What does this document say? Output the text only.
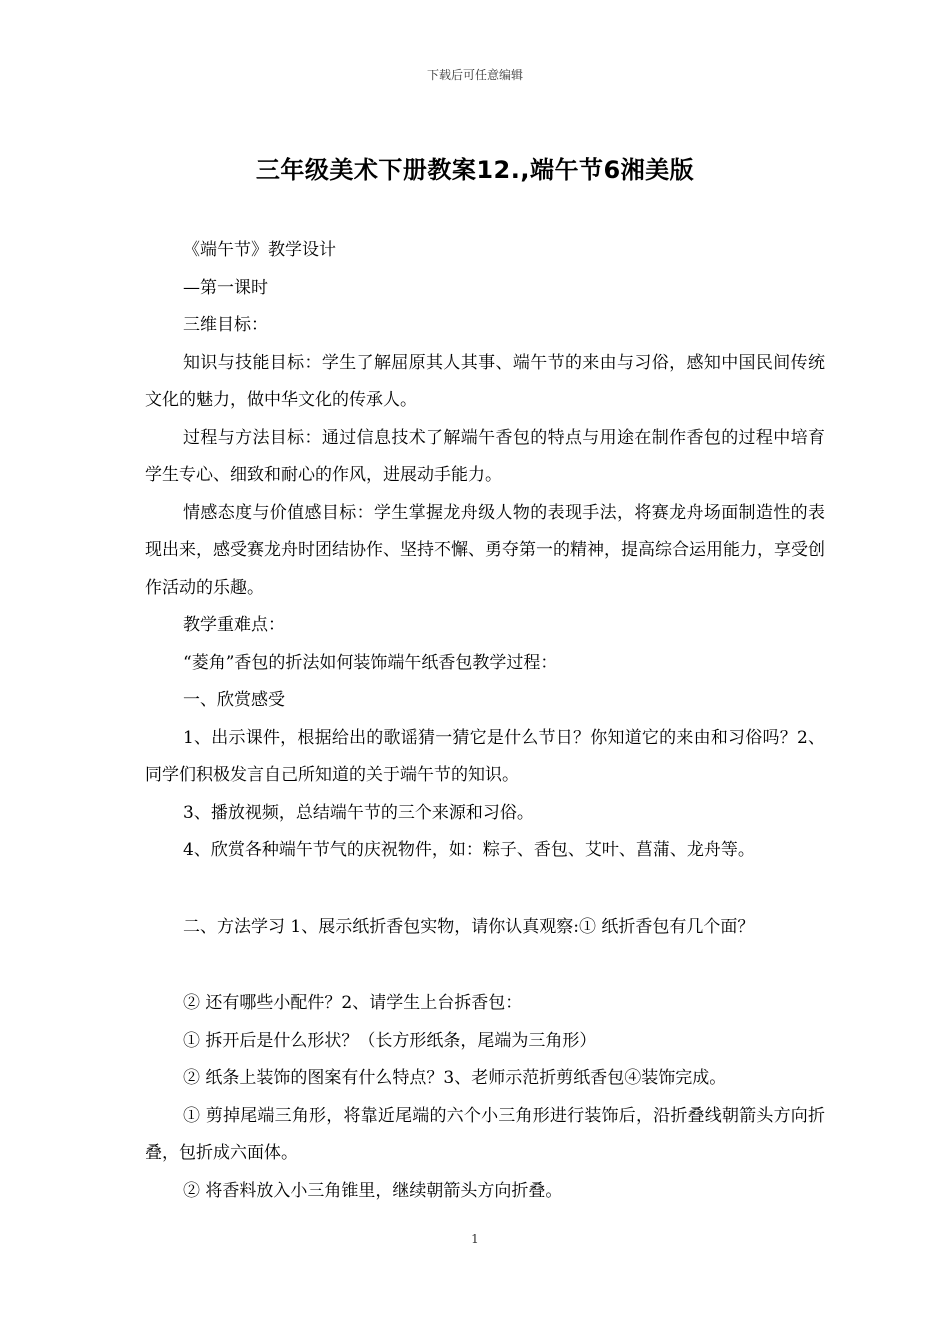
下载后可任意编辑
三年级美术下册教案12.,端午节6湘美版

《端午节》教学设计

—第一课时

三维目标：

知识与技能目标：学生了解屈原其人其事、端午节的来由与习俗，感知中国民间传统文化的魅力，做中华文化的传承人。

过程与方法目标：通过信息技术了解端午香包的特点与用途在制作香包的过程中培育学生专心、细致和耐心的作风，进展动手能力。

情感态度与价值感目标：学生掌握龙舟级人物的表现手法，将赛龙舟场面制造性的表现出来，感受赛龙舟时团结协作、坚持不懈、勇夺第一的精神，提高综合运用能力，享受创作活动的乐趣。

教学重难点：

“菱角”香包的折法如何装饰端午纸香包教学过程：

一、欣赏感受

1、出示课件，根据给出的歌谣猜一猜它是什么节日？你知道它的来由和习俗吗？2、同学们积极发言自己所知道的关于端午节的知识。

3、播放视频，总结端午节的三个来源和习俗。

4、欣赏各种端午节气的庆祝物件，如：粽子、香包、艾叶、菖蒲、龙舟等。

二、方法学习 1、展示纸折香包实物，请你认真观察:① 纸折香包有几个面？

② 还有哪些小配件？2、请学生上台拆香包：

① 拆开后是什么形状？（长方形纸条，尾端为三角形）

② 纸条上装饰的图案有什么特点？3、老师示范折剪纸香包④装饰完成。

① 剪掉尾端三角形，将靠近尾端的六个小三角形进行装饰后，沿折叠线朝箭头方向折叠，包折成六面体。

② 将香料放入小三角锥里，继续朝箭头方向折叠。

1
